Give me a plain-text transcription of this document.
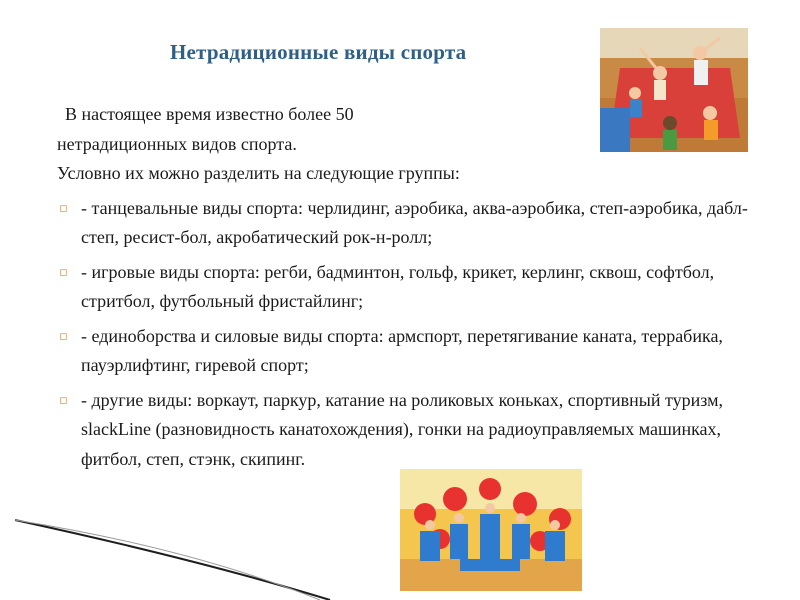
Нетрадиционные виды спорта

В настоящее время известно более 50

нетрадиционных видов спорта.

Условно их можно разделить на следующие группы:

▫ - танцевальные виды спорта: черлидинг, аэробика, аква-аэробика, степ-аэробика, дабл-степ, ресист-бол, акробатический рок-н-ролл;
▫ - игровые виды спорта: регби, бадминтон, гольф, крикет, керлинг, сквош, софтбол, стритбол, футбольный фристайлинг;
▫ - единоборства и силовые виды спорта: армспорт, перетягивание каната, террабика, пауэрлифтинг, гиревой спорт;
▫ - другие виды: воркаут, паркур, катание на роликовых коньках, спортивный туризм, slackLine (разновидность канатохождения), гонки на радиоуправляемых машинках, фитбол, степ, стэнк, скипинг.
